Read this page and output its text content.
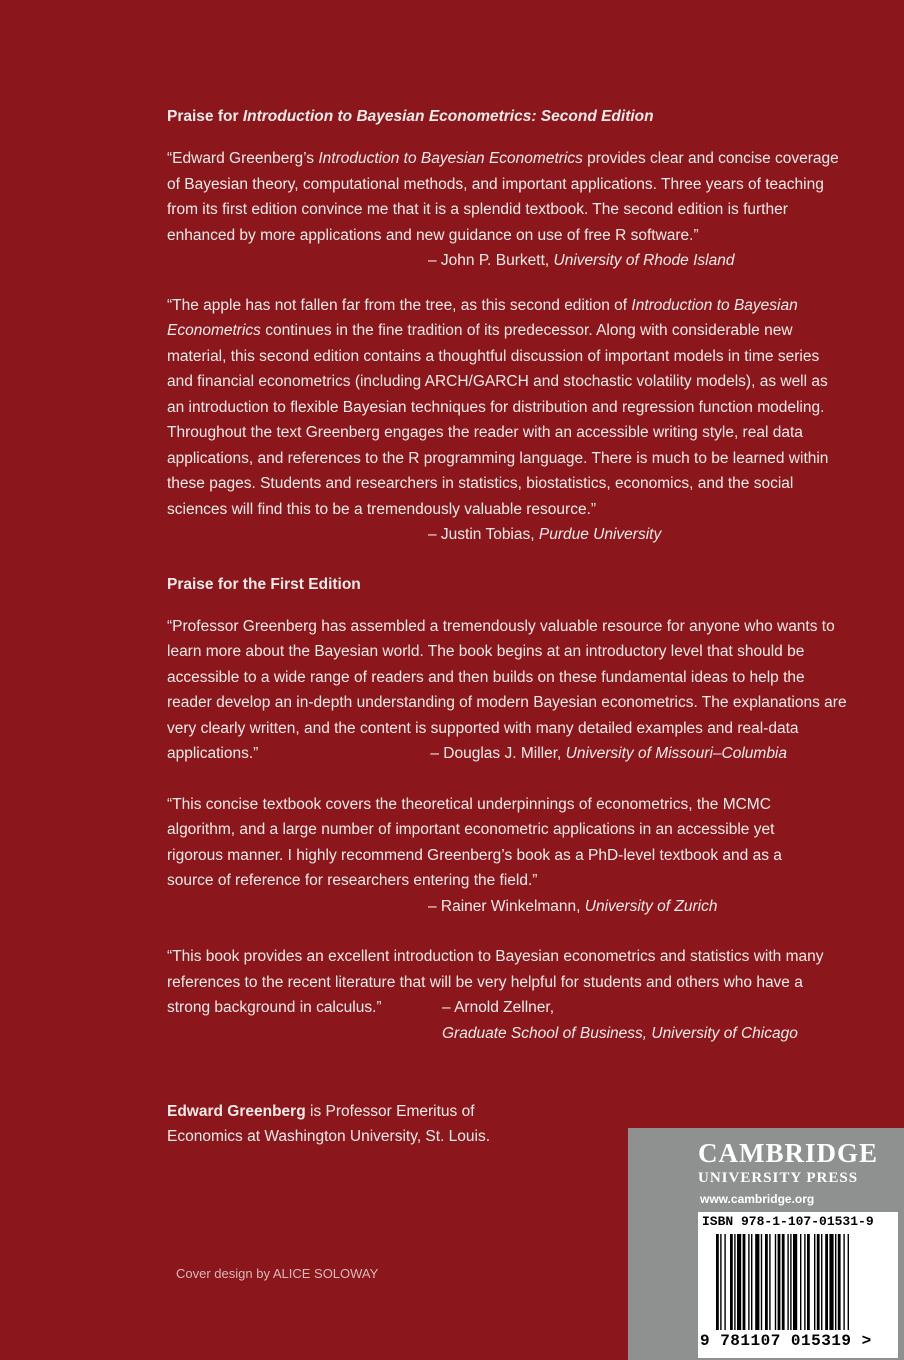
Praise for Introduction to Bayesian Econometrics: Second Edition
“Edward Greenberg’s Introduction to Bayesian Econometrics provides clear and concise coverage of Bayesian theory, computational methods, and important applications. Three years of teaching from its first edition convince me that it is a splendid textbook. The second edition is further enhanced by more applications and new guidance on use of free R software.”
– John P. Burkett, University of Rhode Island
“The apple has not fallen far from the tree, as this second edition of Introduction to Bayesian Econometrics continues in the fine tradition of its predecessor. Along with considerable new material, this second edition contains a thoughtful discussion of important models in time series and financial econometrics (including ARCH/GARCH and stochastic volatility models), as well as an introduction to flexible Bayesian techniques for distribution and regression function modeling. Throughout the text Greenberg engages the reader with an accessible writing style, real data applications, and references to the R programming language. There is much to be learned within these pages. Students and researchers in statistics, biostatistics, economics, and the social sciences will find this to be a tremendously valuable resource.”
– Justin Tobias, Purdue University
Praise for the First Edition
“Professor Greenberg has assembled a tremendously valuable resource for anyone who wants to learn more about the Bayesian world. The book begins at an introductory level that should be accessible to a wide range of readers and then builds on these fundamental ideas to help the reader develop an in-depth understanding of modern Bayesian econometrics. The explanations are very clearly written, and the content is supported with many detailed examples and real-data applications.”	– Douglas J. Miller, University of Missouri–Columbia
“This concise textbook covers the theoretical underpinnings of econometrics, the MCMC algorithm, and a large number of important econometric applications in an accessible yet rigorous manner. I highly recommend Greenberg’s book as a PhD-level textbook and as a source of reference for researchers entering the field.”
– Rainer Winkelmann, University of Zurich
“This book provides an excellent introduction to Bayesian econometrics and statistics with many references to the recent literature that will be very helpful for students and others who have a strong background in calculus.”	– Arnold Zellner,
Graduate School of Business, University of Chicago
Edward Greenberg is Professor Emeritus of Economics at Washington University, St. Louis.
Cover design by ALICE SOLOWAY
CAMBRIDGE
UNIVERSITY PRESS
www.cambridge.org
ISBN 978-1-107-01531-9
9 781107 015319 >
